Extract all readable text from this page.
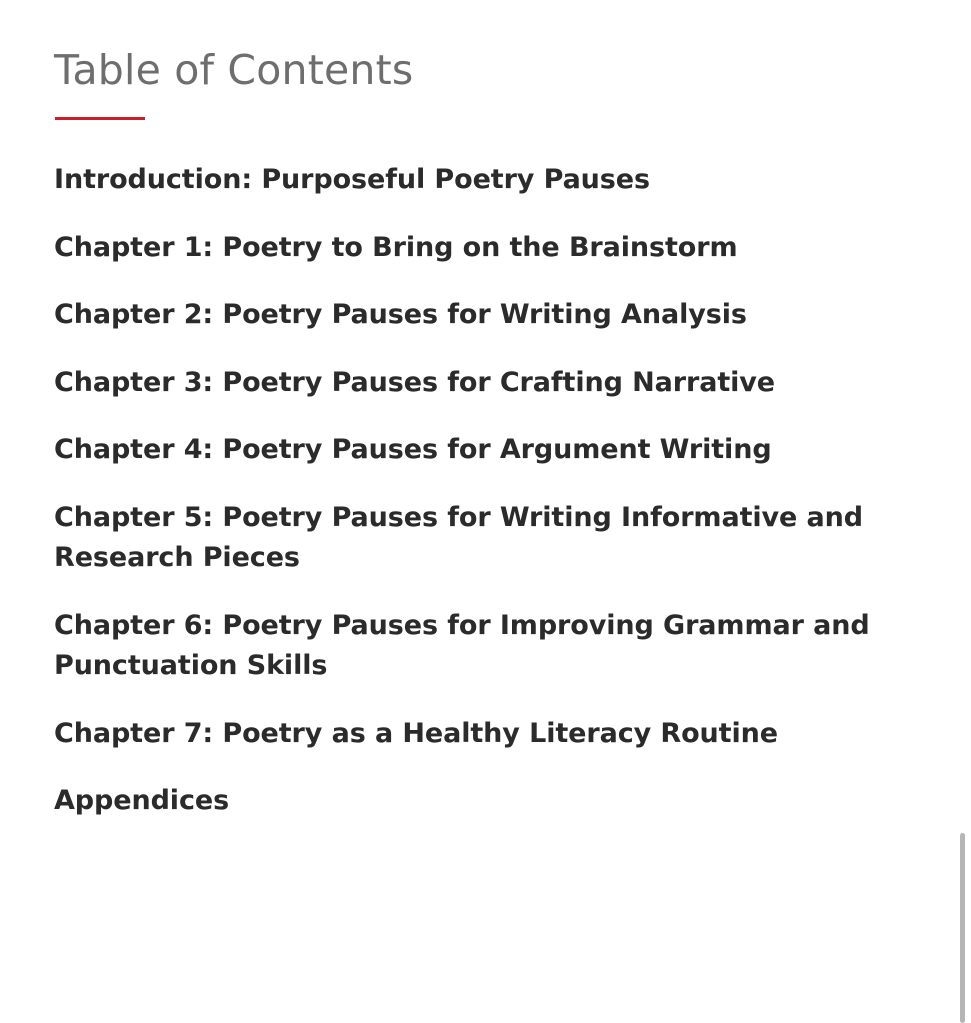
Table of Contents
Introduction: Purposeful Poetry Pauses
Chapter 1: Poetry to Bring on the Brainstorm
Chapter 2: Poetry Pauses for Writing Analysis
Chapter 3: Poetry Pauses for Crafting Narrative
Chapter 4: Poetry Pauses for Argument Writing
Chapter 5: Poetry Pauses for Writing Informative and Research Pieces
Chapter 6: Poetry Pauses for Improving Grammar and Punctuation Skills
Chapter 7: Poetry as a Healthy Literacy Routine
Appendices
